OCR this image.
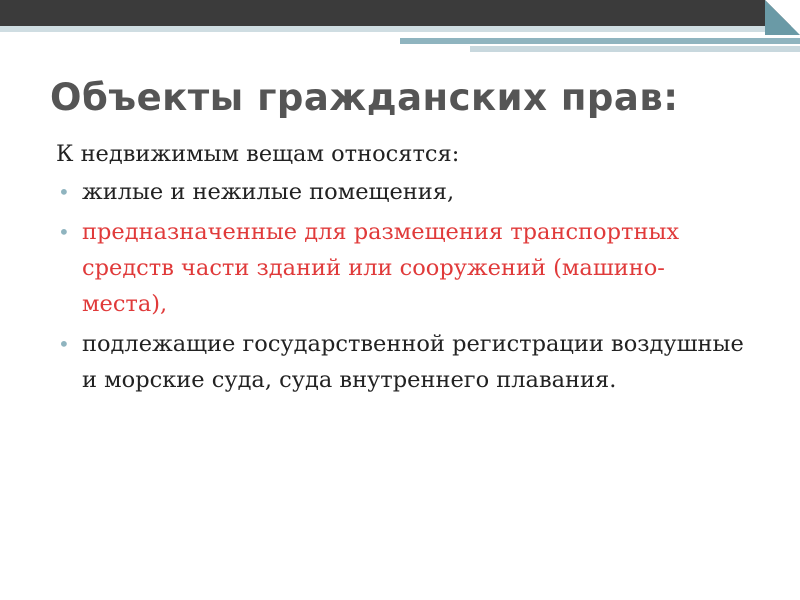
Объекты гражданских прав:

К недвижимым вещам относятся:

• жилые и нежилые помещения,
• предназначенные для размещения транспортных средств части зданий или сооружений (машино-места),
• подлежащие государственной регистрации воздушные и морские суда, суда внутреннего плавания.
